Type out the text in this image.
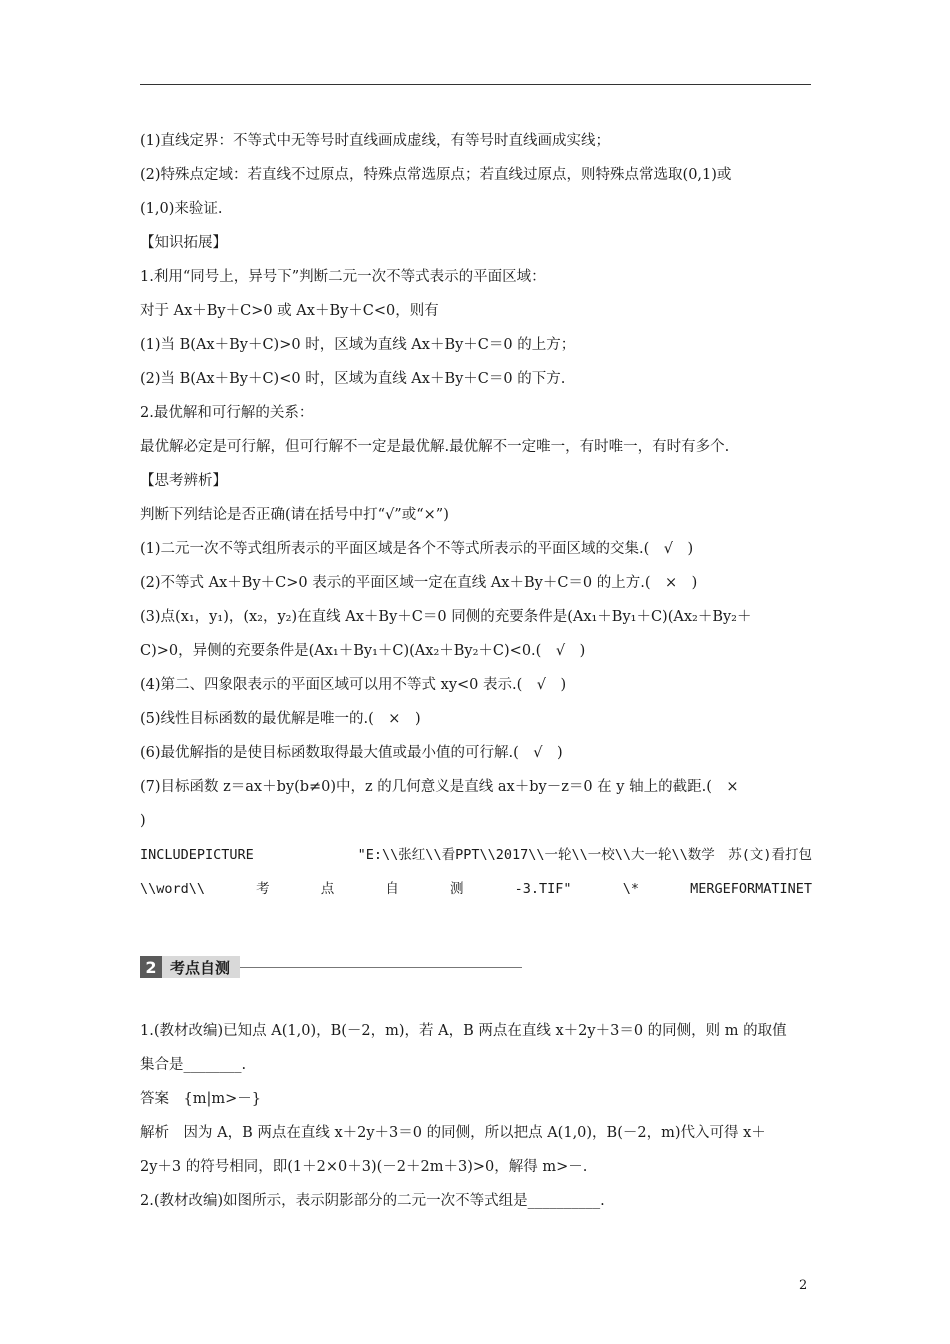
(1)直线定界：不等式中无等号时直线画成虚线，有等号时直线画成实线；
(2)特殊点定域：若直线不过原点，特殊点常选原点；若直线过原点，则特殊点常选取(0,1)或
(1,0)来验证.
【知识拓展】
1.利用“同号上，异号下”判断二元一次不等式表示的平面区域：
对于 Ax＋By＋C>0 或 Ax＋By＋C<0，则有
(1)当 B(Ax＋By＋C)>0 时，区域为直线 Ax＋By＋C＝0 的上方；
(2)当 B(Ax＋By＋C)<0 时，区域为直线 Ax＋By＋C＝0 的下方.
2.最优解和可行解的关系：
最优解必定是可行解，但可行解不一定是最优解.最优解不一定唯一，有时唯一，有时有多个.
【思考辨析】
判断下列结论是否正确(请在括号中打“√”或“×”)
(1)二元一次不等式组所表示的平面区域是各个不等式所表示的平面区域的交集.(　√　)
(2)不等式 Ax＋By＋C>0 表示的平面区域一定在直线 Ax＋By＋C＝0 的上方.(　×　)
(3)点(x₁，y₁)，(x₂，y₂)在直线 Ax＋By＋C＝0 同侧的充要条件是(Ax₁＋By₁＋C)(Ax₂＋By₂＋
C)>0，异侧的充要条件是(Ax₁＋By₁＋C)(Ax₂＋By₂＋C)<0.(　√　)
(4)第二、四象限表示的平面区域可以用不等式 xy<0 表示.(　√　)
(5)线性目标函数的最优解是唯一的.(　×　)
(6)最优解指的是使目标函数取得最大值或最小值的可行解.(　√　)
(7)目标函数 z＝ax＋by(b≠0)中，z 的几何意义是直线 ax＋by－z＝0 在 y 轴上的截距.(　×
)
INCLUDEPICTURE	"E:\\张红\\看PPT\\2017\\一轮\\一校\\大一轮\\数学　苏(文)看打包
\\word\\	考	点	自	测	-3.TIF"	\*	MERGEFORMATINET
2 考点自测
1.(教材改编)已知点 A(1,0)，B(－2，m)，若 A，B 两点在直线 x＋2y＋3＝0 的同侧，则 m 的取值
集合是________.
答案　{m|m>－}
解析　因为 A，B 两点在直线 x＋2y＋3＝0 的同侧，所以把点 A(1,0)，B(－2，m)代入可得 x＋
2y＋3 的符号相同，即(1＋2×0＋3)(－2＋2m＋3)>0，解得 m>－.
2.(教材改编)如图所示，表示阴影部分的二元一次不等式组是__________.
2
